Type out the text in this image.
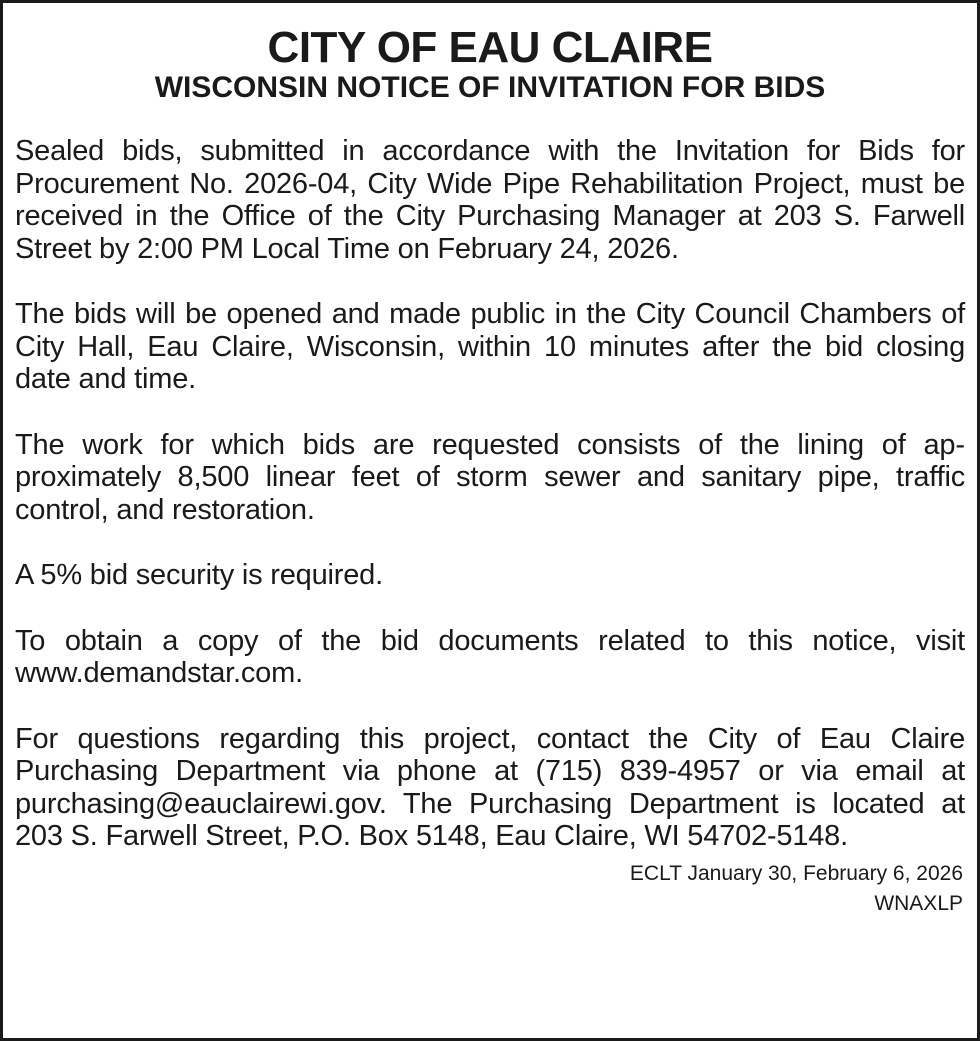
CITY OF EAU CLAIRE
WISCONSIN NOTICE OF INVITATION FOR BIDS

Sealed bids, submitted in accordance with the Invitation for Bids for Procurement No. 2026-04, City Wide Pipe Rehabilitation Project, must be received in the Office of the City Purchasing Manager at 203 S. Farwell Street by 2:00 PM Local Time on February 24, 2026.

The bids will be opened and made public in the City Council Chambers of City Hall, Eau Claire, Wisconsin, within 10 minutes after the bid closing date and time.

The work for which bids are requested consists of the lining of approximately 8,500 linear feet of storm sewer and sanitary pipe, traffic control, and restoration.

A 5% bid security is required.

To obtain a copy of the bid documents related to this notice, visit www.demandstar.com.

For questions regarding this project, contact the City of Eau Claire Purchasing Department via phone at (715) 839-4957 or via email at purchasing@eauclairewi.gov. The Purchasing Department is located at 203 S. Farwell Street, P.O. Box 5148, Eau Claire, WI 54702-5148.

ECLT January 30, February 6, 2026

WNAXLP
